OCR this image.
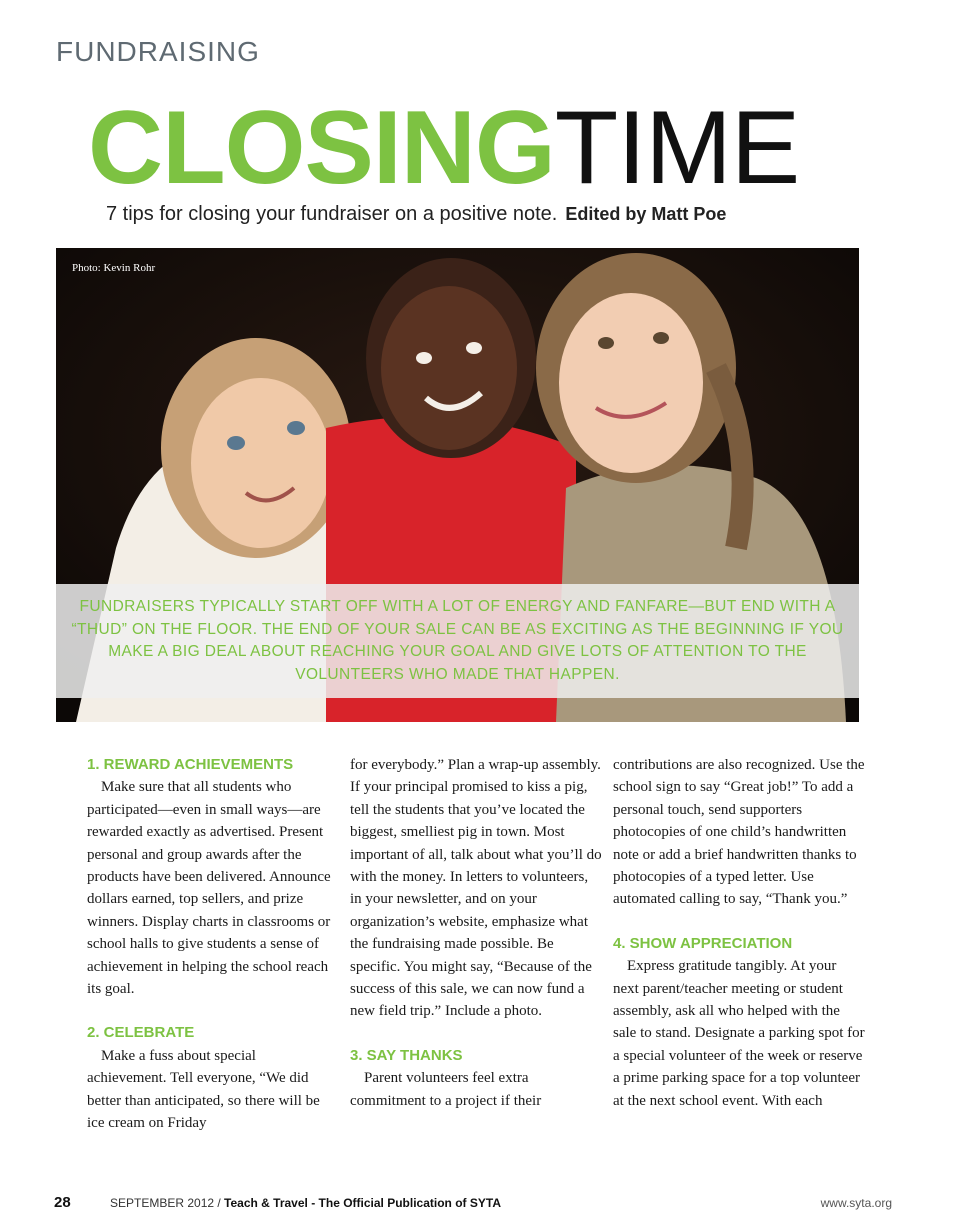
FUNDRAISING
CLOSINGTIME
7 tips for closing your fundraiser on a positive note. Edited by Matt Poe
Photo: Kevin Rohr
FUNDRAISERS TYPICALLY START OFF WITH A LOT OF ENERGY AND FANFARE—BUT END WITH A “THUD” ON THE FLOOR. THE END OF YOUR SALE CAN BE AS EXCITING AS THE BEGINNING IF YOU MAKE A BIG DEAL ABOUT REACHING YOUR GOAL AND GIVE LOTS OF ATTENTION TO THE VOLUNTEERS WHO MADE THAT HAPPEN.
1. REWARD ACHIEVEMENTS

Make sure that all students who participated—even in small ways—are rewarded exactly as advertised. Present personal and group awards after the products have been delivered. Announce dollars earned, top sellers, and prize winners. Display charts in classrooms or school halls to give students a sense of achievement in helping the school reach its goal.

2. CELEBRATE

Make a fuss about special achievement. Tell everyone, “We did better than anticipated, so there will be ice cream on Friday

for everybody.” Plan a wrap-up assembly. If your principal promised to kiss a pig, tell the students that you’ve located the biggest, smelliest pig in town. Most important of all, talk about what you’ll do with the money. In letters to volunteers, in your newsletter, and on your organization’s website, emphasize what the fundraising made possible. Be specific. You might say, “Because of the success of this sale, we can now fund a new field trip.” Include a photo.

3. SAY THANKS

Parent volunteers feel extra commitment to a project if their

contributions are also recognized. Use the school sign to say “Great job!” To add a personal touch, send supporters photocopies of one child’s handwritten note or add a brief handwritten thanks to photocopies of a typed letter. Use automated calling to say, “Thank you.”

4. SHOW APPRECIATION

Express gratitude tangibly. At your next parent/teacher meeting or student assembly, ask all who helped with the sale to stand. Designate a parking spot for a special volunteer of the week or reserve a prime parking space for a top volunteer at the next school event. With each

28	SEPTEMBER 2012 / Teach & Travel - The Official Publication of SYTA	www.syta.org
